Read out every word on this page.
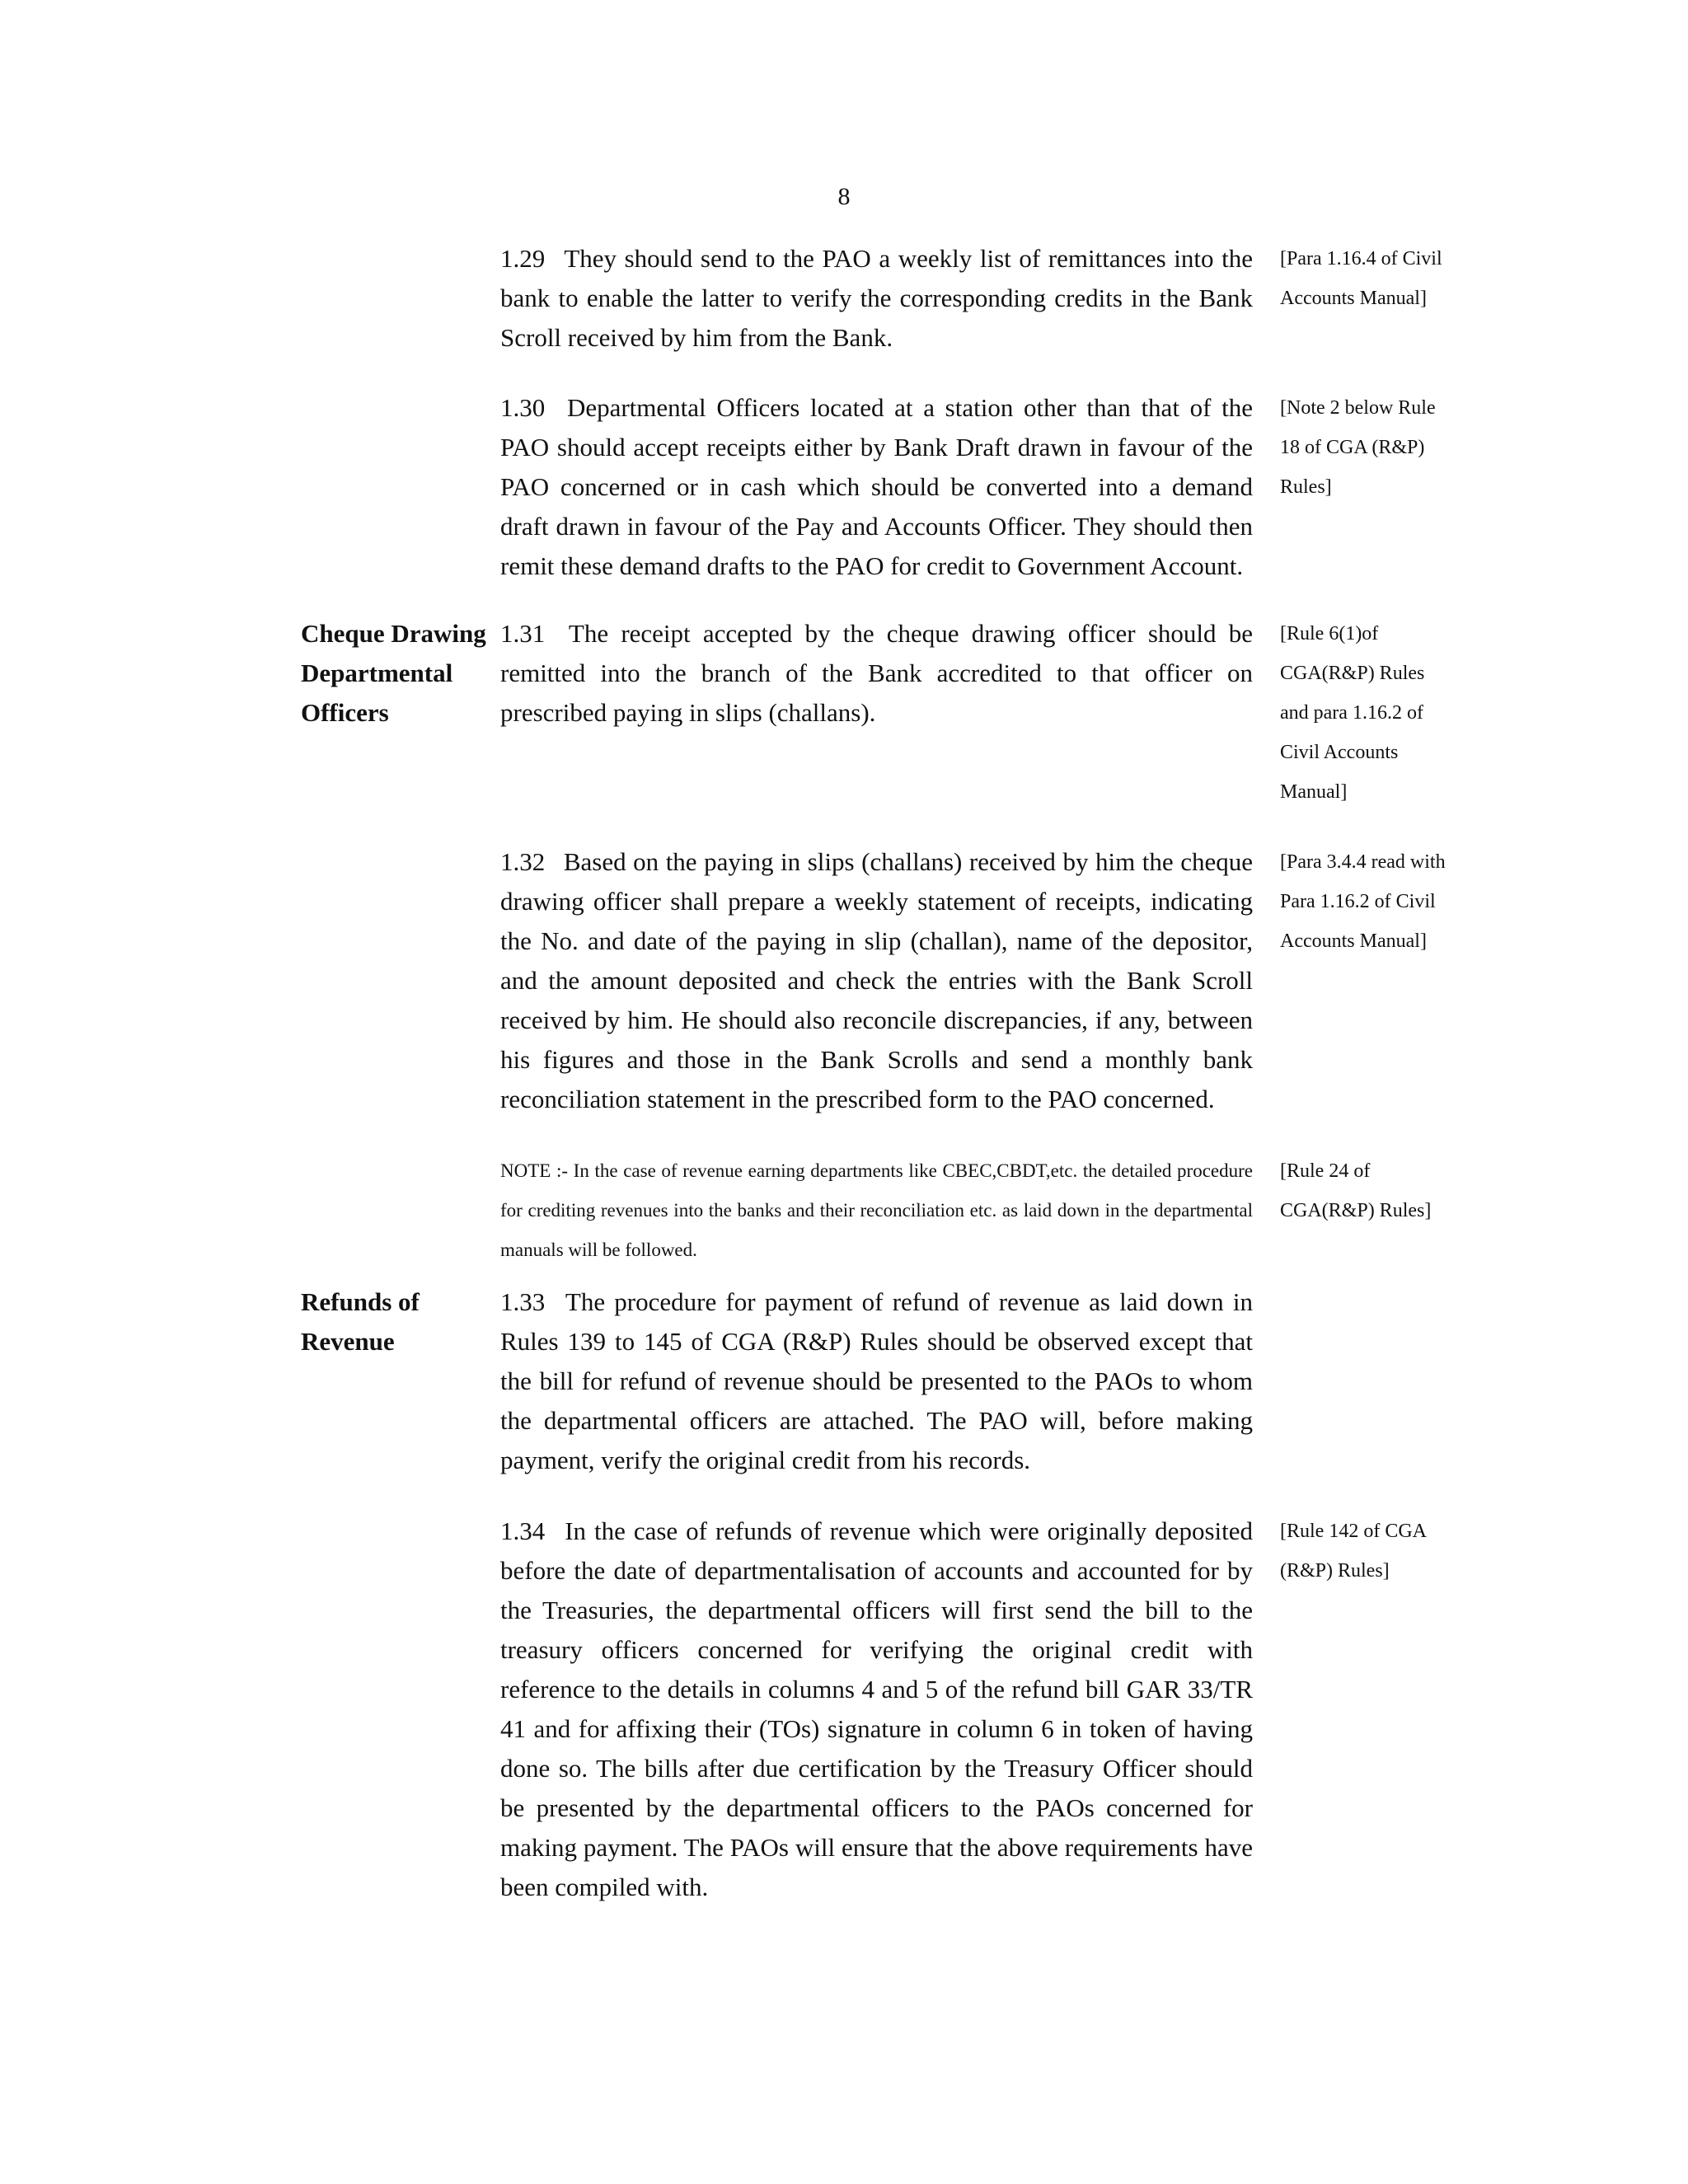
8
1.29 They should send to the PAO a weekly list of remittances into the bank to enable the latter to verify the corresponding credits in the Bank Scroll received by him from the Bank.
[Para 1.16.4 of Civil Accounts Manual]
1.30 Departmental Officers located at a station other than that of the PAO should accept receipts either by Bank Draft drawn in favour of the PAO concerned or in cash which should be converted into a demand draft drawn in favour of the Pay and Accounts Officer. They should then remit these demand drafts to the PAO for credit to Government Account.
[Note 2 below Rule 18 of CGA (R&P) Rules]
Cheque Drawing Departmental Officers
1.31 The receipt accepted by the cheque drawing officer should be remitted into the branch of the Bank accredited to that officer on prescribed paying in slips (challans).
[Rule 6(1)of CGA(R&P) Rules and para 1.16.2 of Civil Accounts Manual]
1.32 Based on the paying in slips (challans) received by him the cheque drawing officer shall prepare a weekly statement of receipts, indicating the No. and date of the paying in slip (challan), name of the depositor, and the amount deposited and check the entries with the Bank Scroll received by him. He should also reconcile discrepancies, if any, between his figures and those in the Bank Scrolls and send a monthly bank reconciliation statement in the prescribed form to the PAO concerned.
[Para 3.4.4 read with Para 1.16.2 of Civil Accounts Manual]
NOTE :- In the case of revenue earning departments like CBEC,CBDT,etc. the detailed procedure for crediting revenues into the banks and their reconciliation etc. as laid down in the departmental manuals will be followed.
[Rule 24 of CGA(R&P) Rules]
Refunds of Revenue
1.33 The procedure for payment of refund of revenue as laid down in Rules 139 to 145 of CGA (R&P) Rules should be observed except that the bill for refund of revenue should be presented to the PAOs to whom the departmental officers are attached. The PAO will, before making payment, verify the original credit from his records.
1.34 In the case of refunds of revenue which were originally deposited before the date of departmentalisation of accounts and accounted for by the Treasuries, the departmental officers will first send the bill to the treasury officers concerned for verifying the original credit with reference to the details in columns 4 and 5 of the refund bill GAR 33/TR 41 and for affixing their (TOs) signature in column 6 in token of having done so. The bills after due certification by the Treasury Officer should be presented by the departmental officers to the PAOs concerned for making payment. The PAOs will ensure that the above requirements have been compiled with.
[Rule 142 of CGA (R&P) Rules]
